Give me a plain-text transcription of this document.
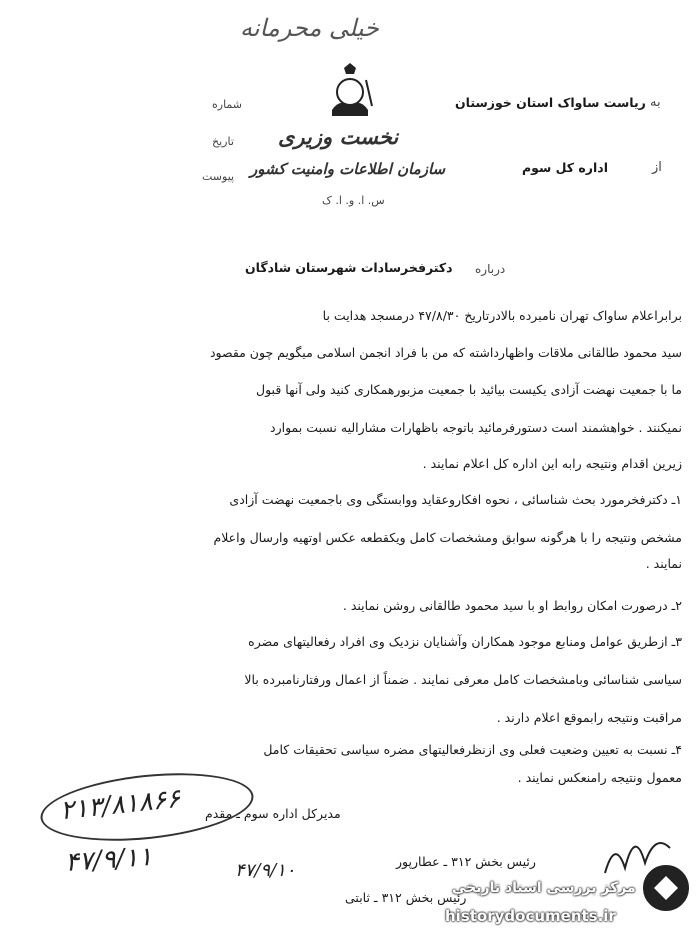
خیلی محرمانه
نخست وزیری
سازمان اطلاعات وامنیت کشور
س. ا. و. ا. ک
شماره
تاریخ
پیوست
به
ریاست ساواک استان خوزستان
از
اداره کل سوم
درباره
دکترفخرسادات شهرستان شادگان
برابراعلام ساواک تهران نامبرده بالادرتاریخ ۴۷/۸/۳۰ درمسجد هدایت با
سید محمود طالقانی ملاقات واظهارداشته که من با فراد انجمن اسلامی میگویم چون مقصود
ما با جمعیت نهضت آزادی یکیست بیائید با جمعیت مزبورهمکاری کنید ولی آنها قبول
نمیکنند . خواهشمند است دستورفرمائید باتوجه باظهارات مشارالیه نسبت بموارد
زیرین اقدام ونتیجه رابه این اداره کل اعلام نمایند .
۱ـ دکترفخرمورد بحث شناسائی ، نحوه افکاروعقاید ووابستگی وی باجمعیت نهضت آزادی
مشخص ونتیجه را با هرگونه سوابق ومشخصات کامل ویکقطعه عکس اوتهیه وارسال واعلام
نمایند .
۲ـ درصورت امکان روابط او با سید محمود طالقانی روشن نمایند .
۳ـ ازطریق عوامل ومنابع موجود همکاران وآشنایان نزدیک وی افراد رفعالیتهای مضره
سیاسی شناسائی وبامشخصات کامل معرفی نمایند . ضمناً از اعمال ورفتارنامبرده بالا
مراقبت ونتیجه رابموقع اعلام دارند .
۴ـ نسبت به تعیین وضعیت فعلی وی ازنظرفعالیتهای مضره سیاسی تحقیقات کامل
معمول ونتیجه رامنعکس نمایند .
مدیرکل اداره سوم ـ مقدم
رئیس بخش ۳۱۲ ـ عطارپور
رئیس بخش ۳۱۲ ـ ثابتی
۲۱۳/۸۱۸۶۶
۴۷/۹/۱۰
۴۷/۹/۱۱
مرکز بررسی اسناد تاریخی
historydocuments.ir
